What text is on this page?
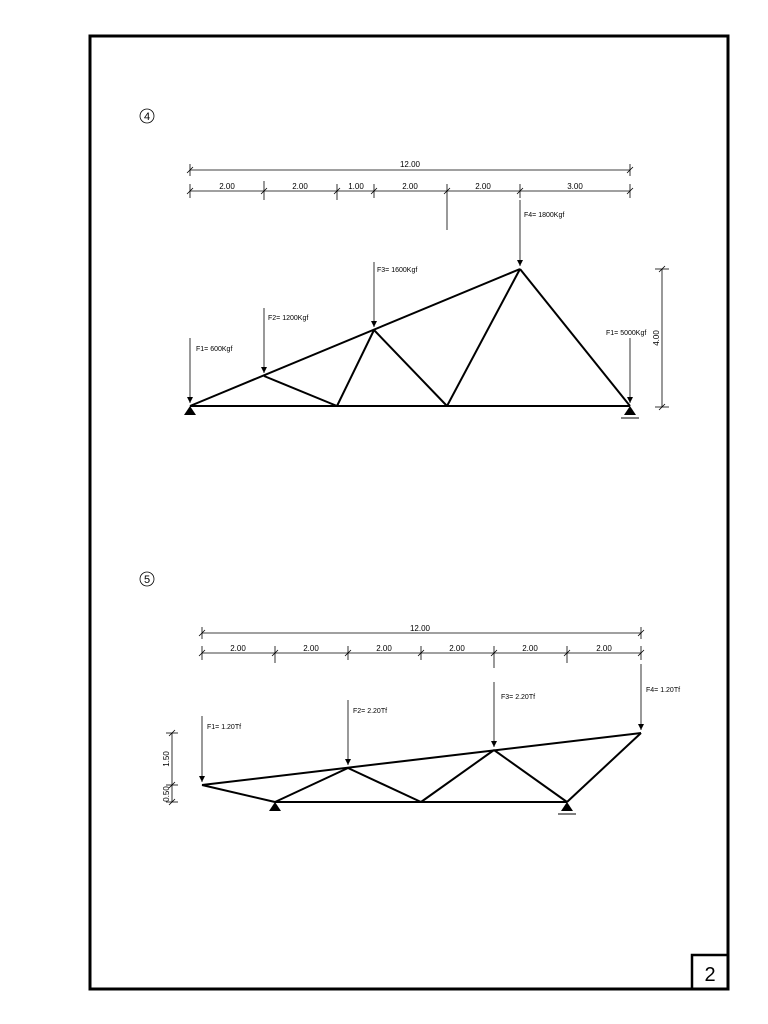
2
4
12.00
2.00	2.00	1.00	2.00	2.00	3.00
4.00
F1= 600Kgf
F2= 1200Kgf
F3= 1600Kgf
F4= 1800Kgf
F1= 5000Kgf
5
12.00
2.00	2.00	2.00	2.00	2.00	2.00
1.50
0.50
F1= 1.20Tf
F2= 2.20Tf
F3= 2.20Tf
F4= 1.20Tf
